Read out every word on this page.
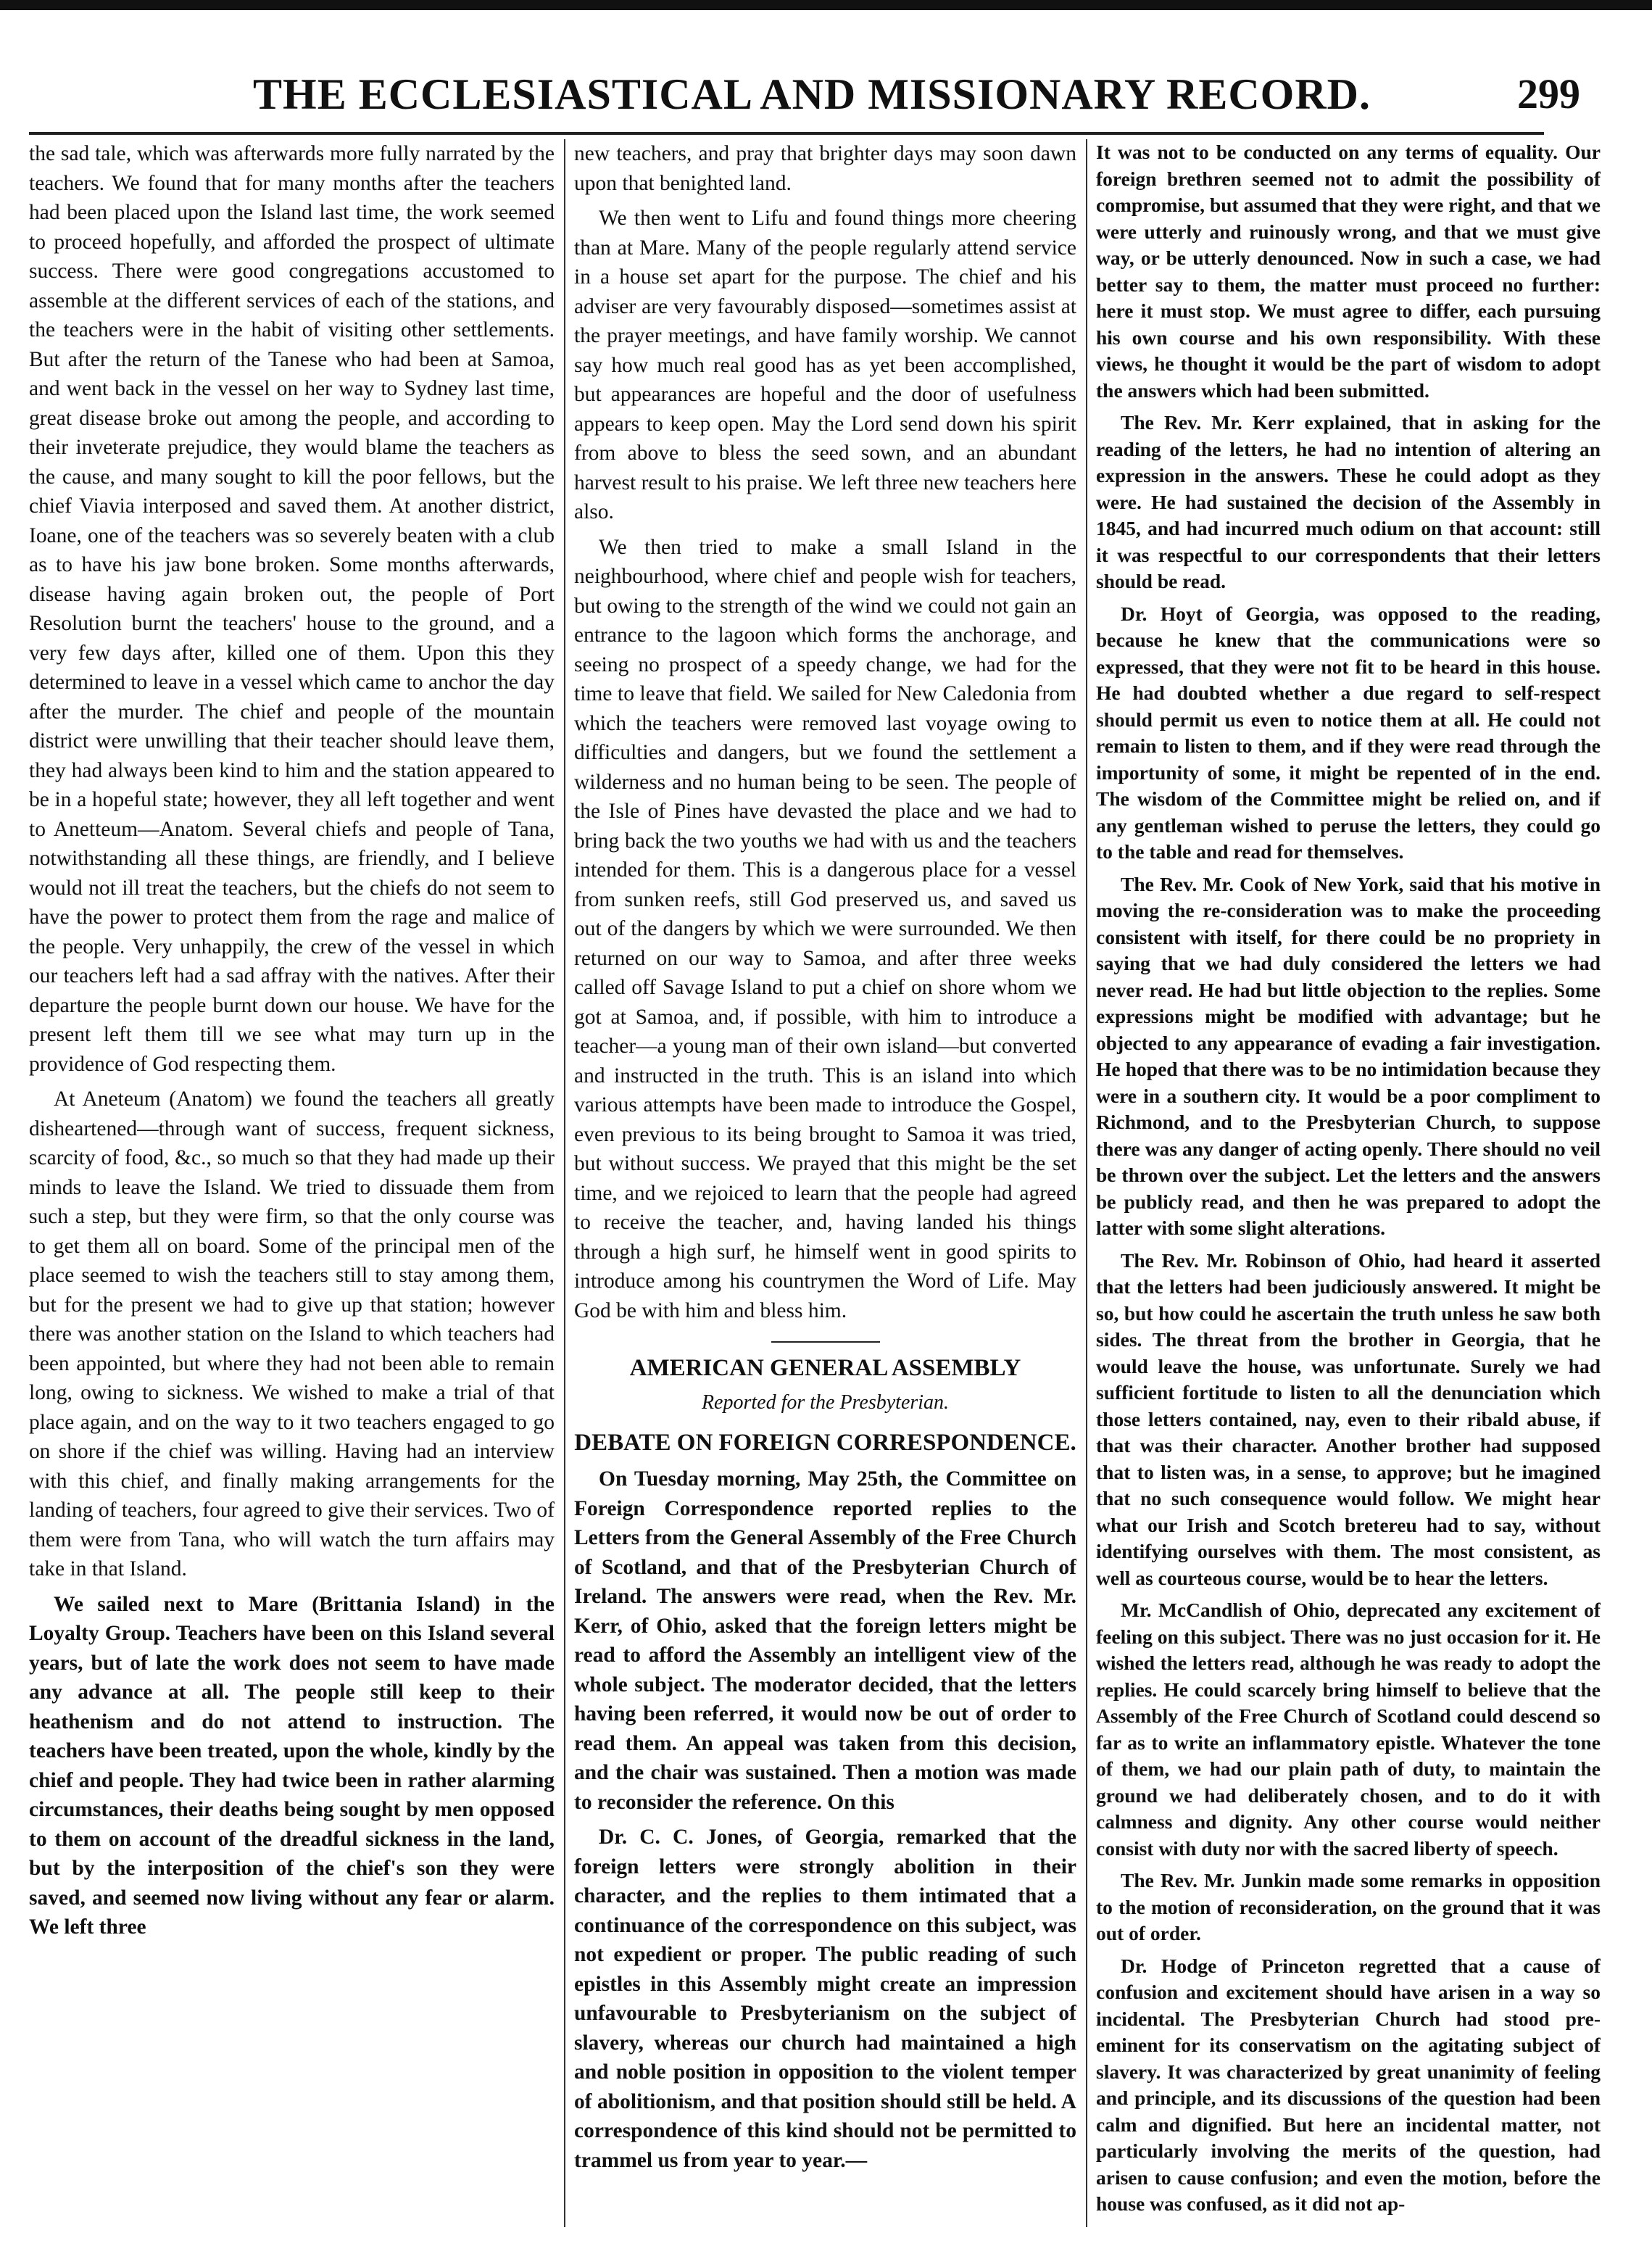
THE ECCLESIASTICAL AND MISSIONARY RECORD.	299

the sad tale, which was afterwards more fully narrated by the teachers. We found that for many months after the teachers had been placed upon the Island last time, the work seemed to proceed hopefully, and afforded the prospect of ultimate success. There were good congregations accustomed to assemble at the different services of each of the stations, and the teachers were in the habit of visiting other settlements. But after the return of the Tanese who had been at Samoa, and went back in the vessel on her way to Sydney last time, great disease broke out among the people, and according to their inveterate prejudice, they would blame the teachers as the cause, and many sought to kill the poor fellows, but the chief Viavia interposed and saved them. At another district, Ioane, one of the teachers was so severely beaten with a club as to have his jaw bone broken. Some months afterwards, disease having again broken out, the people of Port Resolution burnt the teachers' house to the ground, and a very few days after, killed one of them. Upon this they determined to leave in a vessel which came to anchor the day after the murder. The chief and people of the mountain district were unwilling that their teacher should leave them, they had always been kind to him and the station appeared to be in a hopeful state; however, they all left together and went to Anetteum—Anatom. Several chiefs and people of Tana, notwithstanding all these things, are friendly, and I believe would not ill treat the teachers, but the chiefs do not seem to have the power to protect them from the rage and malice of the people. Very unhappily, the crew of the vessel in which our teachers left had a sad affray with the natives. After their departure the people burnt down our house. We have for the present left them till we see what may turn up in the providence of God respecting them.

At Aneteum (Anatom) we found the teachers all greatly disheartened—through want of success, frequent sickness, scarcity of food, &c., so much so that they had made up their minds to leave the Island. We tried to dissuade them from such a step, but they were firm, so that the only course was to get them all on board. Some of the principal men of the place seemed to wish the teachers still to stay among them, but for the present we had to give up that station; however there was another station on the Island to which teachers had been appointed, but where they had not been able to remain long, owing to sickness. We wished to make a trial of that place again, and on the way to it two teachers engaged to go on shore if the chief was willing. Having had an interview with this chief, and finally making arrangements for the landing of teachers, four agreed to give their services. Two of them were from Tana, who will watch the turn affairs may take in that Island.

We sailed next to Mare (Brittania Island) in the Loyalty Group. Teachers have been on this Island several years, but of late the work does not seem to have made any advance at all. The people still keep to their heathenism and do not attend to instruction. The teachers have been treated, upon the whole, kindly by the chief and people. They had twice been in rather alarming circumstances, their deaths being sought by men opposed to them on account of the dreadful sickness in the land, but by the interposition of the chief's son they were saved, and seemed now living without any fear or alarm. We left three

new teachers, and pray that brighter days may soon dawn upon that benighted land.

We then went to Lifu and found things more cheering than at Mare. Many of the people regularly attend service in a house set apart for the purpose. The chief and his adviser are very favourably disposed—sometimes assist at the prayer meetings, and have family worship. We cannot say how much real good has as yet been accomplished, but appearances are hopeful and the door of usefulness appears to keep open. May the Lord send down his spirit from above to bless the seed sown, and an abundant harvest result to his praise. We left three new teachers here also.

We then tried to make a small Island in the neighbourhood, where chief and people wish for teachers, but owing to the strength of the wind we could not gain an entrance to the lagoon which forms the anchorage, and seeing no prospect of a speedy change, we had for the time to leave that field. We sailed for New Caledonia from which the teachers were removed last voyage owing to difficulties and dangers, but we found the settlement a wilderness and no human being to be seen. The people of the Isle of Pines have devasted the place and we had to bring back the two youths we had with us and the teachers intended for them. This is a dangerous place for a vessel from sunken reefs, still God preserved us, and saved us out of the dangers by which we were surrounded. We then returned on our way to Samoa, and after three weeks called off Savage Island to put a chief on shore whom we got at Samoa, and, if possible, with him to introduce a teacher—a young man of their own island—but converted and instructed in the truth. This is an island into which various attempts have been made to introduce the Gospel, even previous to its being brought to Samoa it was tried, but without success. We prayed that this might be the set time, and we rejoiced to learn that the people had agreed to receive the teacher, and, having landed his things through a high surf, he himself went in good spirits to introduce among his countrymen the Word of Life. May God be with him and bless him.

AMERICAN GENERAL ASSEMBLY
Reported for the Presbyterian.
DEBATE ON FOREIGN CORRESPONDENCE.

On Tuesday morning, May 25th, the Committee on Foreign Correspondence reported replies to the Letters from the General Assembly of the Free Church of Scotland, and that of the Presbyterian Church of Ireland. The answers were read, when the Rev. Mr. Kerr, of Ohio, asked that the foreign letters might be read to afford the Assembly an intelligent view of the whole subject. The moderator decided, that the letters having been referred, it would now be out of order to read them. An appeal was taken from this decision, and the chair was sustained. Then a motion was made to reconsider the reference. On this

Dr. C. C. Jones, of Georgia, remarked that the foreign letters were strongly abolition in their character, and the replies to them intimated that a continuance of the correspondence on this subject, was not expedient or proper. The public reading of such epistles in this Assembly might create an impression unfavourable to Presbyterianism on the subject of slavery, whereas our church had maintained a high and noble position in opposition to the violent temper of abolitionism, and that position should still be held. A correspondence of this kind should not be permitted to trammel us from year to year.—

It was not to be conducted on any terms of equality. Our foreign brethren seemed not to admit the possibility of compromise, but assumed that they were right, and that we were utterly and ruinously wrong, and that we must give way, or be utterly denounced. Now in such a case, we had better say to them, the matter must proceed no further: here it must stop. We must agree to differ, each pursuing his own course and his own responsibility. With these views, he thought it would be the part of wisdom to adopt the answers which had been submitted.

The Rev. Mr. Kerr explained, that in asking for the reading of the letters, he had no intention of altering an expression in the answers. These he could adopt as they were. He had sustained the decision of the Assembly in 1845, and had incurred much odium on that account: still it was respectful to our correspondents that their letters should be read.

Dr. Hoyt of Georgia, was opposed to the reading, because he knew that the communications were so expressed, that they were not fit to be heard in this house. He had doubted whether a due regard to self-respect should permit us even to notice them at all. He could not remain to listen to them, and if they were read through the importunity of some, it might be repented of in the end. The wisdom of the Committee might be relied on, and if any gentleman wished to peruse the letters, they could go to the table and read for themselves.

The Rev. Mr. Cook of New York, said that his motive in moving the re-consideration was to make the proceeding consistent with itself, for there could be no propriety in saying that we had duly considered the letters we had never read. He had but little objection to the replies. Some expressions might be modified with advantage; but he objected to any appearance of evading a fair investigation. He hoped that there was to be no intimidation because they were in a southern city. It would be a poor compliment to Richmond, and to the Presbyterian Church, to suppose there was any danger of acting openly. There should no veil be thrown over the subject. Let the letters and the answers be publicly read, and then he was prepared to adopt the latter with some slight alterations.

The Rev. Mr. Robinson of Ohio, had heard it asserted that the letters had been judiciously answered. It might be so, but how could he ascertain the truth unless he saw both sides. The threat from the brother in Georgia, that he would leave the house, was unfortunate. Surely we had sufficient fortitude to listen to all the denunciation which those letters contained, nay, even to their ribald abuse, if that was their character. Another brother had supposed that to listen was, in a sense, to approve; but he imagined that no such consequence would follow. We might hear what our Irish and Scotch bretereu had to say, without identifying ourselves with them. The most consistent, as well as courteous course, would be to hear the letters.

Mr. McCandlish of Ohio, deprecated any excitement of feeling on this subject. There was no just occasion for it. He wished the letters read, although he was ready to adopt the replies. He could scarcely bring himself to believe that the Assembly of the Free Church of Scotland could descend so far as to write an inflammatory epistle. Whatever the tone of them, we had our plain path of duty, to maintain the ground we had deliberately chosen, and to do it with calmness and dignity. Any other course would neither consist with duty nor with the sacred liberty of speech.

The Rev. Mr. Junkin made some remarks in opposition to the motion of reconsideration, on the ground that it was out of order.

Dr. Hodge of Princeton regretted that a cause of confusion and excitement should have arisen in a way so incidental. The Presbyterian Church had stood pre-eminent for its conservatism on the agitating subject of slavery. It was characterized by great unanimity of feeling and principle, and its discussions of the question had been calm and dignified. But here an incidental matter, not particularly involving the merits of the question, had arisen to cause confusion; and even the motion, before the house was confused, as it did not ap-
